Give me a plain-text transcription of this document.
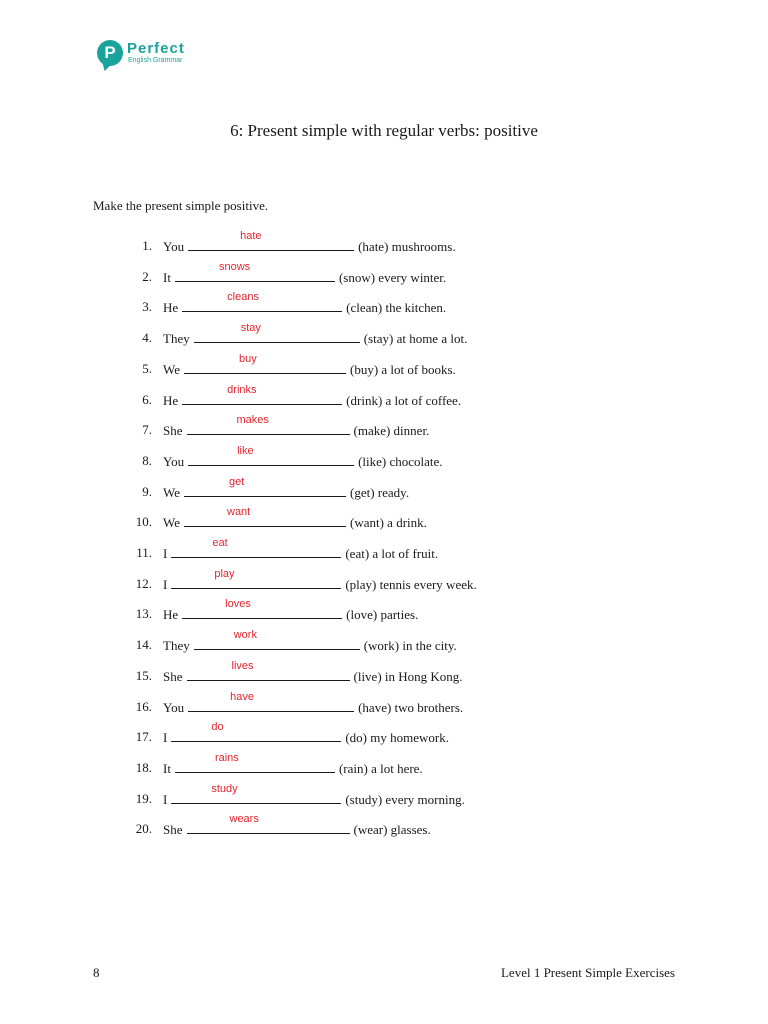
P Perfect
English Grammar
6: Present simple with regular verbs: positive
Make the present simple positive.
1. You
hate
(hate) mushrooms.
2. It
snows
(snow) every winter.
3. He
cleans
(clean) the kitchen.
4. They
stay
(stay) at home a lot.
5. We
buy
(buy) a lot of books.
6. He
drinks
(drink) a lot of coffee.
7. She
makes
(make) dinner.
8. You
like
(like) chocolate.
9. We
get
(get) ready.
10. We
want
(want) a drink.
11. I
eat
(eat) a lot of fruit.
12. I
play
(play) tennis every week.
13. He
loves
(love) parties.
14. They
work
(work) in the city.
15. She
lives
(live) in Hong Kong.
16. You
have
(have) two brothers.
17. I
do
(do) my homework.
18. It
rains
(rain) a lot here.
19. I
study
(study) every morning.
20. She
wears
(wear) glasses.
8	Level 1 Present Simple Exercises
